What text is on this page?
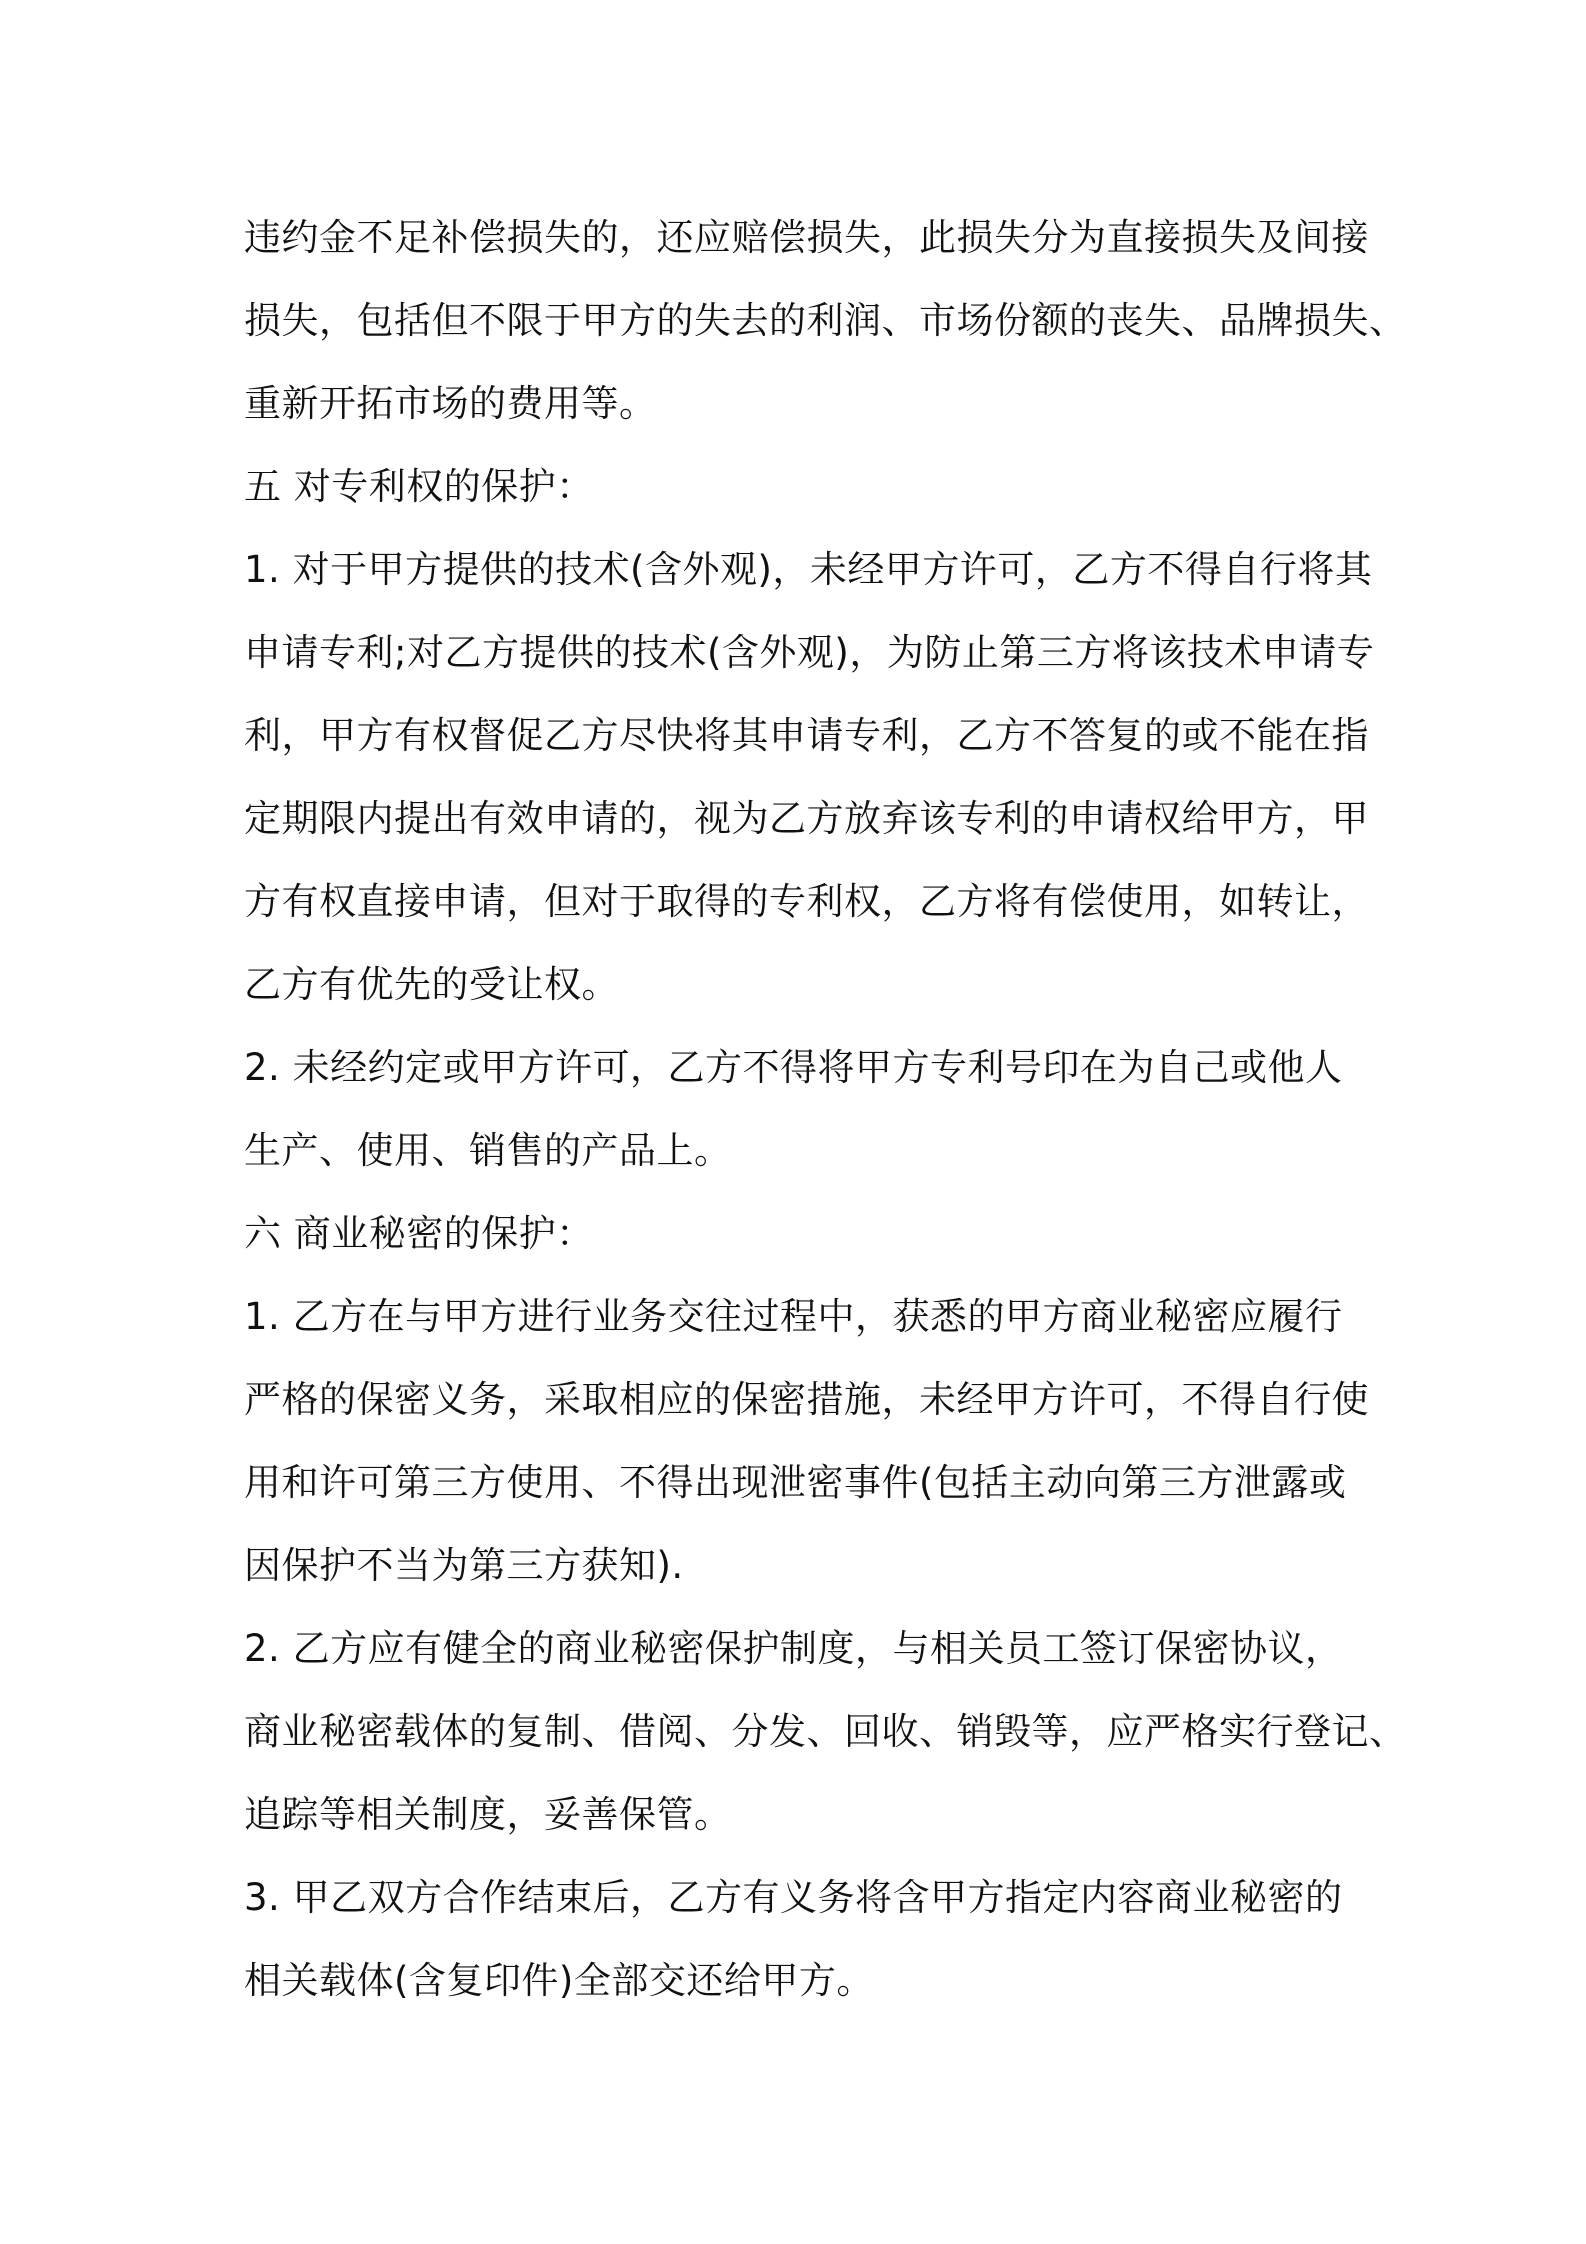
违约金不足补偿损失的，还应赔偿损失，此损失分为直接损失及间接
损失，包括但不限于甲方的失去的利润、市场份额的丧失、品牌损失、
重新开拓市场的费用等。

五 对专利权的保护：

1. 对于甲方提供的技术(含外观)，未经甲方许可，乙方不得自行将其
申请专利;对乙方提供的技术(含外观)，为防止第三方将该技术申请专
利，甲方有权督促乙方尽快将其申请专利，乙方不答复的或不能在指
定期限内提出有效申请的，视为乙方放弃该专利的申请权给甲方，甲
方有权直接申请，但对于取得的专利权，乙方将有偿使用，如转让，
乙方有优先的受让权。

2. 未经约定或甲方许可，乙方不得将甲方专利号印在为自己或他人
生产、使用、销售的产品上。

六 商业秘密的保护：

1. 乙方在与甲方进行业务交往过程中，获悉的甲方商业秘密应履行
严格的保密义务，采取相应的保密措施，未经甲方许可，不得自行使
用和许可第三方使用、不得出现泄密事件(包括主动向第三方泄露或
因保护不当为第三方获知).

2. 乙方应有健全的商业秘密保护制度，与相关员工签订保密协议，
商业秘密载体的复制、借阅、分发、回收、销毁等，应严格实行登记、
追踪等相关制度，妥善保管。

3. 甲乙双方合作结束后，乙方有义务将含甲方指定内容商业秘密的
相关载体(含复印件)全部交还给甲方。
